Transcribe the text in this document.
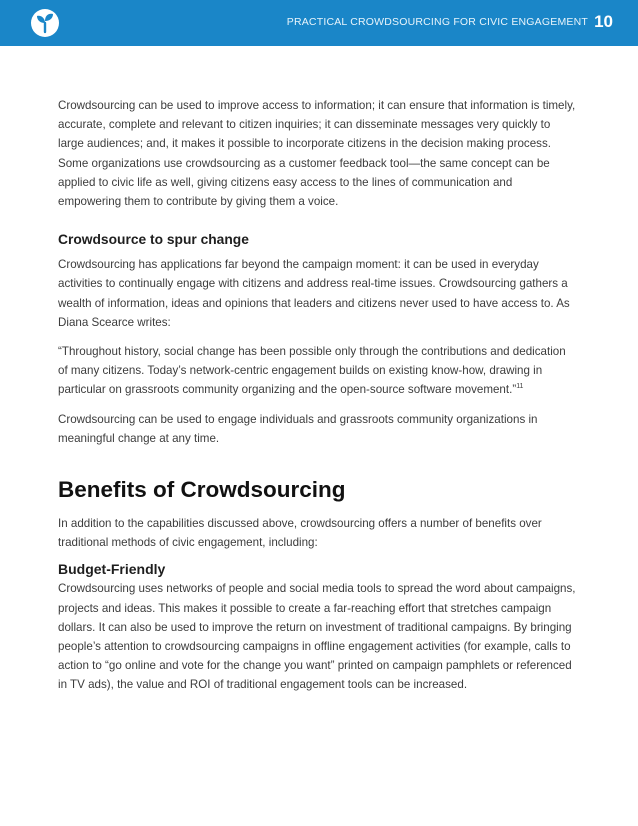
PRACTICAL CROWDSOURCING FOR CIVIC ENGAGEMENT 10

Crowdsourcing can be used to improve access to information; it can ensure that information is timely, accurate, complete and relevant to citizen inquiries; it can disseminate messages very quickly to large audiences; and, it makes it possible to incorporate citizens in the decision making process. Some organizations use crowdsourcing as a customer feedback tool—the same concept can be applied to civic life as well, giving citizens easy access to the lines of communication and empowering them to contribute by giving them a voice.

Crowdsource to spur change

Crowdsourcing has applications far beyond the campaign moment: it can be used in everyday activities to continually engage with citizens and address real-time issues. Crowdsourcing gathers a wealth of information, ideas and opinions that leaders and citizens never used to have access to. As Diana Scearce writes:

“Throughout history, social change has been possible only through the contributions and dedication of many citizens. Today’s network-centric engagement builds on existing know-how, drawing in particular on grassroots community organizing and the open-source software movement.”$^{11}$

Crowdsourcing can be used to engage individuals and grassroots community organizations in meaningful change at any time.

Benefits of Crowdsourcing

In addition to the capabilities discussed above, crowdsourcing offers a number of benefits over traditional methods of civic engagement, including:

Budget-Friendly

Crowdsourcing uses networks of people and social media tools to spread the word about campaigns, projects and ideas. This makes it possible to create a far-reaching effort that stretches campaign dollars. It can also be used to improve the return on investment of traditional campaigns. By bringing people’s attention to crowdsourcing campaigns in offline engagement activities (for example, calls to action to “go online and vote for the change you want” printed on campaign pamphlets or referenced in TV ads), the value and ROI of traditional engagement tools can be increased.
